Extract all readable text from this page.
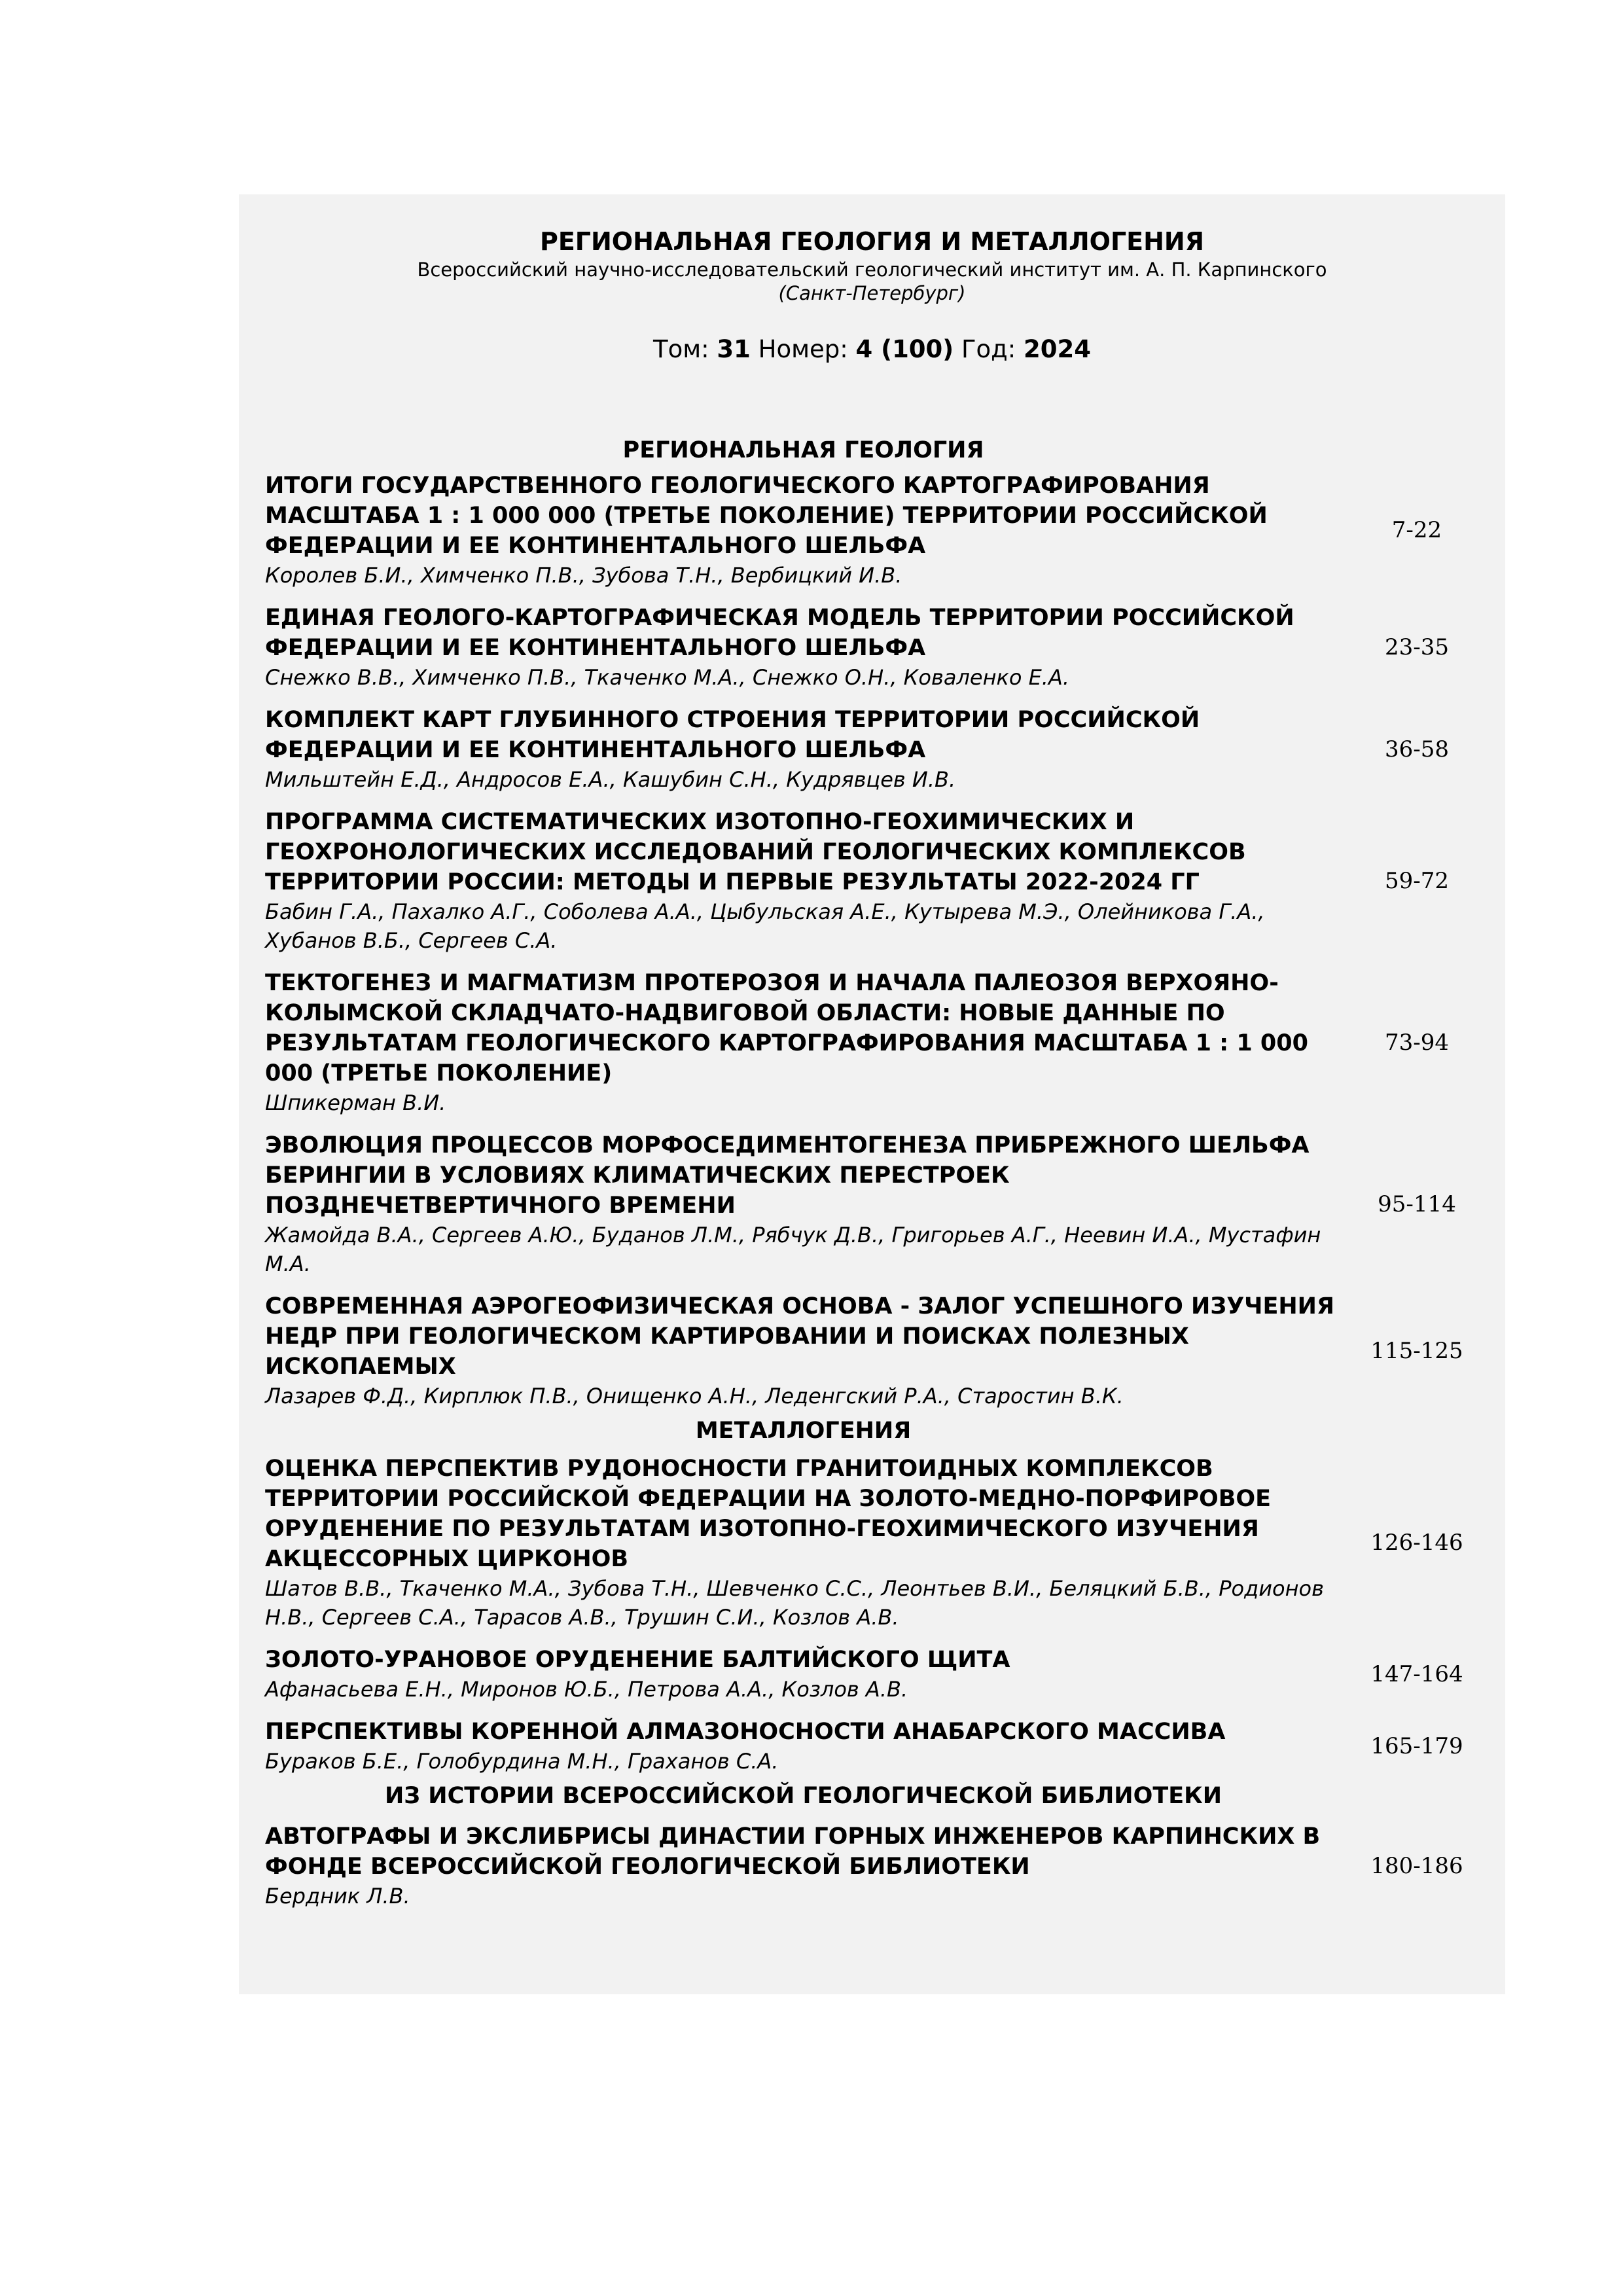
РЕГИОНАЛЬНАЯ ГЕОЛОГИЯ И МЕТАЛЛОГЕНИЯ
Всероссийский научно-исследовательский геологический институт им. А. П. Карпинского
(Санкт-Петербург)
Том: 31 Номер: 4 (100) Год: 2024
РЕГИОНАЛЬНАЯ ГЕОЛОГИЯ
ИТОГИ ГОСУДАРСТВЕННОГО ГЕОЛОГИЧЕСКОГО КАРТОГРАФИРОВАНИЯ МАСШТАБА 1 : 1 000 000 (ТРЕТЬЕ ПОКОЛЕНИЕ) ТЕРРИТОРИИ РОССИЙСКОЙ ФЕДЕРАЦИИ И ЕЕ КОНТИНЕНТАЛЬНОГО ШЕЛЬФА
Королев Б.И., Химченко П.В., Зубова Т.Н., Вербицкий И.В.
7-22
ЕДИНАЯ ГЕОЛОГО-КАРТОГРАФИЧЕСКАЯ МОДЕЛЬ ТЕРРИТОРИИ РОССИЙСКОЙ ФЕДЕРАЦИИ И ЕЕ КОНТИНЕНТАЛЬНОГО ШЕЛЬФА
Снежко В.В., Химченко П.В., Ткаченко М.А., Снежко О.Н., Коваленко Е.А.
23-35
КОМПЛЕКТ КАРТ ГЛУБИННОГО СТРОЕНИЯ ТЕРРИТОРИИ РОССИЙСКОЙ ФЕДЕРАЦИИ И ЕЕ КОНТИНЕНТАЛЬНОГО ШЕЛЬФА
Мильштейн Е.Д., Андросов Е.А., Кашубин С.Н., Кудрявцев И.В.
36-58
ПРОГРАММА СИСТЕМАТИЧЕСКИХ ИЗОТОПНО-ГЕОХИМИЧЕСКИХ И ГЕОХРОНОЛОГИЧЕСКИХ ИССЛЕДОВАНИЙ ГЕОЛОГИЧЕСКИХ КОМПЛЕКСОВ ТЕРРИТОРИИ РОССИИ: МЕТОДЫ И ПЕРВЫЕ РЕЗУЛЬТАТЫ 2022-2024 ГГ
Бабин Г.А., Пахалко А.Г., Соболева А.А., Цыбульская А.Е., Кутырева М.Э., Олейникова Г.А., Хубанов В.Б., Сергеев С.А.
59-72
ТЕКТОГЕНЕЗ И МАГМАТИЗМ ПРОТЕРОЗОЯ И НАЧАЛА ПАЛЕОЗОЯ ВЕРХОЯНО-КОЛЫМСКОЙ СКЛАДЧАТО-НАДВИГОВОЙ ОБЛАСТИ: НОВЫЕ ДАННЫЕ ПО РЕЗУЛЬТАТАМ ГЕОЛОГИЧЕСКОГО КАРТОГРАФИРОВАНИЯ МАСШТАБА 1 : 1 000 000 (ТРЕТЬЕ ПОКОЛЕНИЕ)
Шпикерман В.И.
73-94
ЭВОЛЮЦИЯ ПРОЦЕССОВ МОРФОСЕДИМЕНТОГЕНЕЗА ПРИБРЕЖНОГО ШЕЛЬФА БЕРИНГИИ В УСЛОВИЯХ КЛИМАТИЧЕСКИХ ПЕРЕСТРОЕК ПОЗДНЕЧЕТВЕРТИЧНОГО ВРЕМЕНИ
Жамойда В.А., Сергеев А.Ю., Буданов Л.М., Рябчук Д.В., Григорьев А.Г., Неевин И.А., Мустафин М.А.
95-114
СОВРЕМЕННАЯ АЭРОГЕОФИЗИЧЕСКАЯ ОСНОВА - ЗАЛОГ УСПЕШНОГО ИЗУЧЕНИЯ НЕДР ПРИ ГЕОЛОГИЧЕСКОМ КАРТИРОВАНИИ И ПОИСКАХ ПОЛЕЗНЫХ ИСКОПАЕМЫХ
Лазарев Ф.Д., Кирплюк П.В., Онищенко А.Н., Леденгский Р.А., Старостин В.К.
115-125
МЕТАЛЛОГЕНИЯ
ОЦЕНКА ПЕРСПЕКТИВ РУДОНОСНОСТИ ГРАНИТОИДНЫХ КОМПЛЕКСОВ ТЕРРИТОРИИ РОССИЙСКОЙ ФЕДЕРАЦИИ НА ЗОЛОТО-МЕДНО-ПОРФИРОВОЕ ОРУДЕНЕНИЕ ПО РЕЗУЛЬТАТАМ ИЗОТОПНО-ГЕОХИМИЧЕСКОГО ИЗУЧЕНИЯ АКЦЕССОРНЫХ ЦИРКОНОВ
Шатов В.В., Ткаченко М.А., Зубова Т.Н., Шевченко С.С., Леонтьев В.И., Беляцкий Б.В., Родионов Н.В., Сергеев С.А., Тарасов А.В., Трушин С.И., Козлов А.В.
126-146
ЗОЛОТО-УРАНОВОЕ ОРУДЕНЕНИЕ БАЛТИЙСКОГО ЩИТА
Афанасьева Е.Н., Миронов Ю.Б., Петрова А.А., Козлов А.В.
147-164
ПЕРСПЕКТИВЫ КОРЕННОЙ АЛМАЗОНОСНОСТИ АНАБАРСКОГО МАССИВА
Бураков Б.Е., Голобурдина М.Н., Граханов С.А.
165-179
ИЗ ИСТОРИИ ВСЕРОССИЙСКОЙ ГЕОЛОГИЧЕСКОЙ БИБЛИОТЕКИ
АВТОГРАФЫ И ЭКСЛИБРИСЫ ДИНАСТИИ ГОРНЫХ ИНЖЕНЕРОВ КАРПИНСКИХ В ФОНДЕ ВСЕРОССИЙСКОЙ ГЕОЛОГИЧЕСКОЙ БИБЛИОТЕКИ
Бердник Л.В.
180-186
